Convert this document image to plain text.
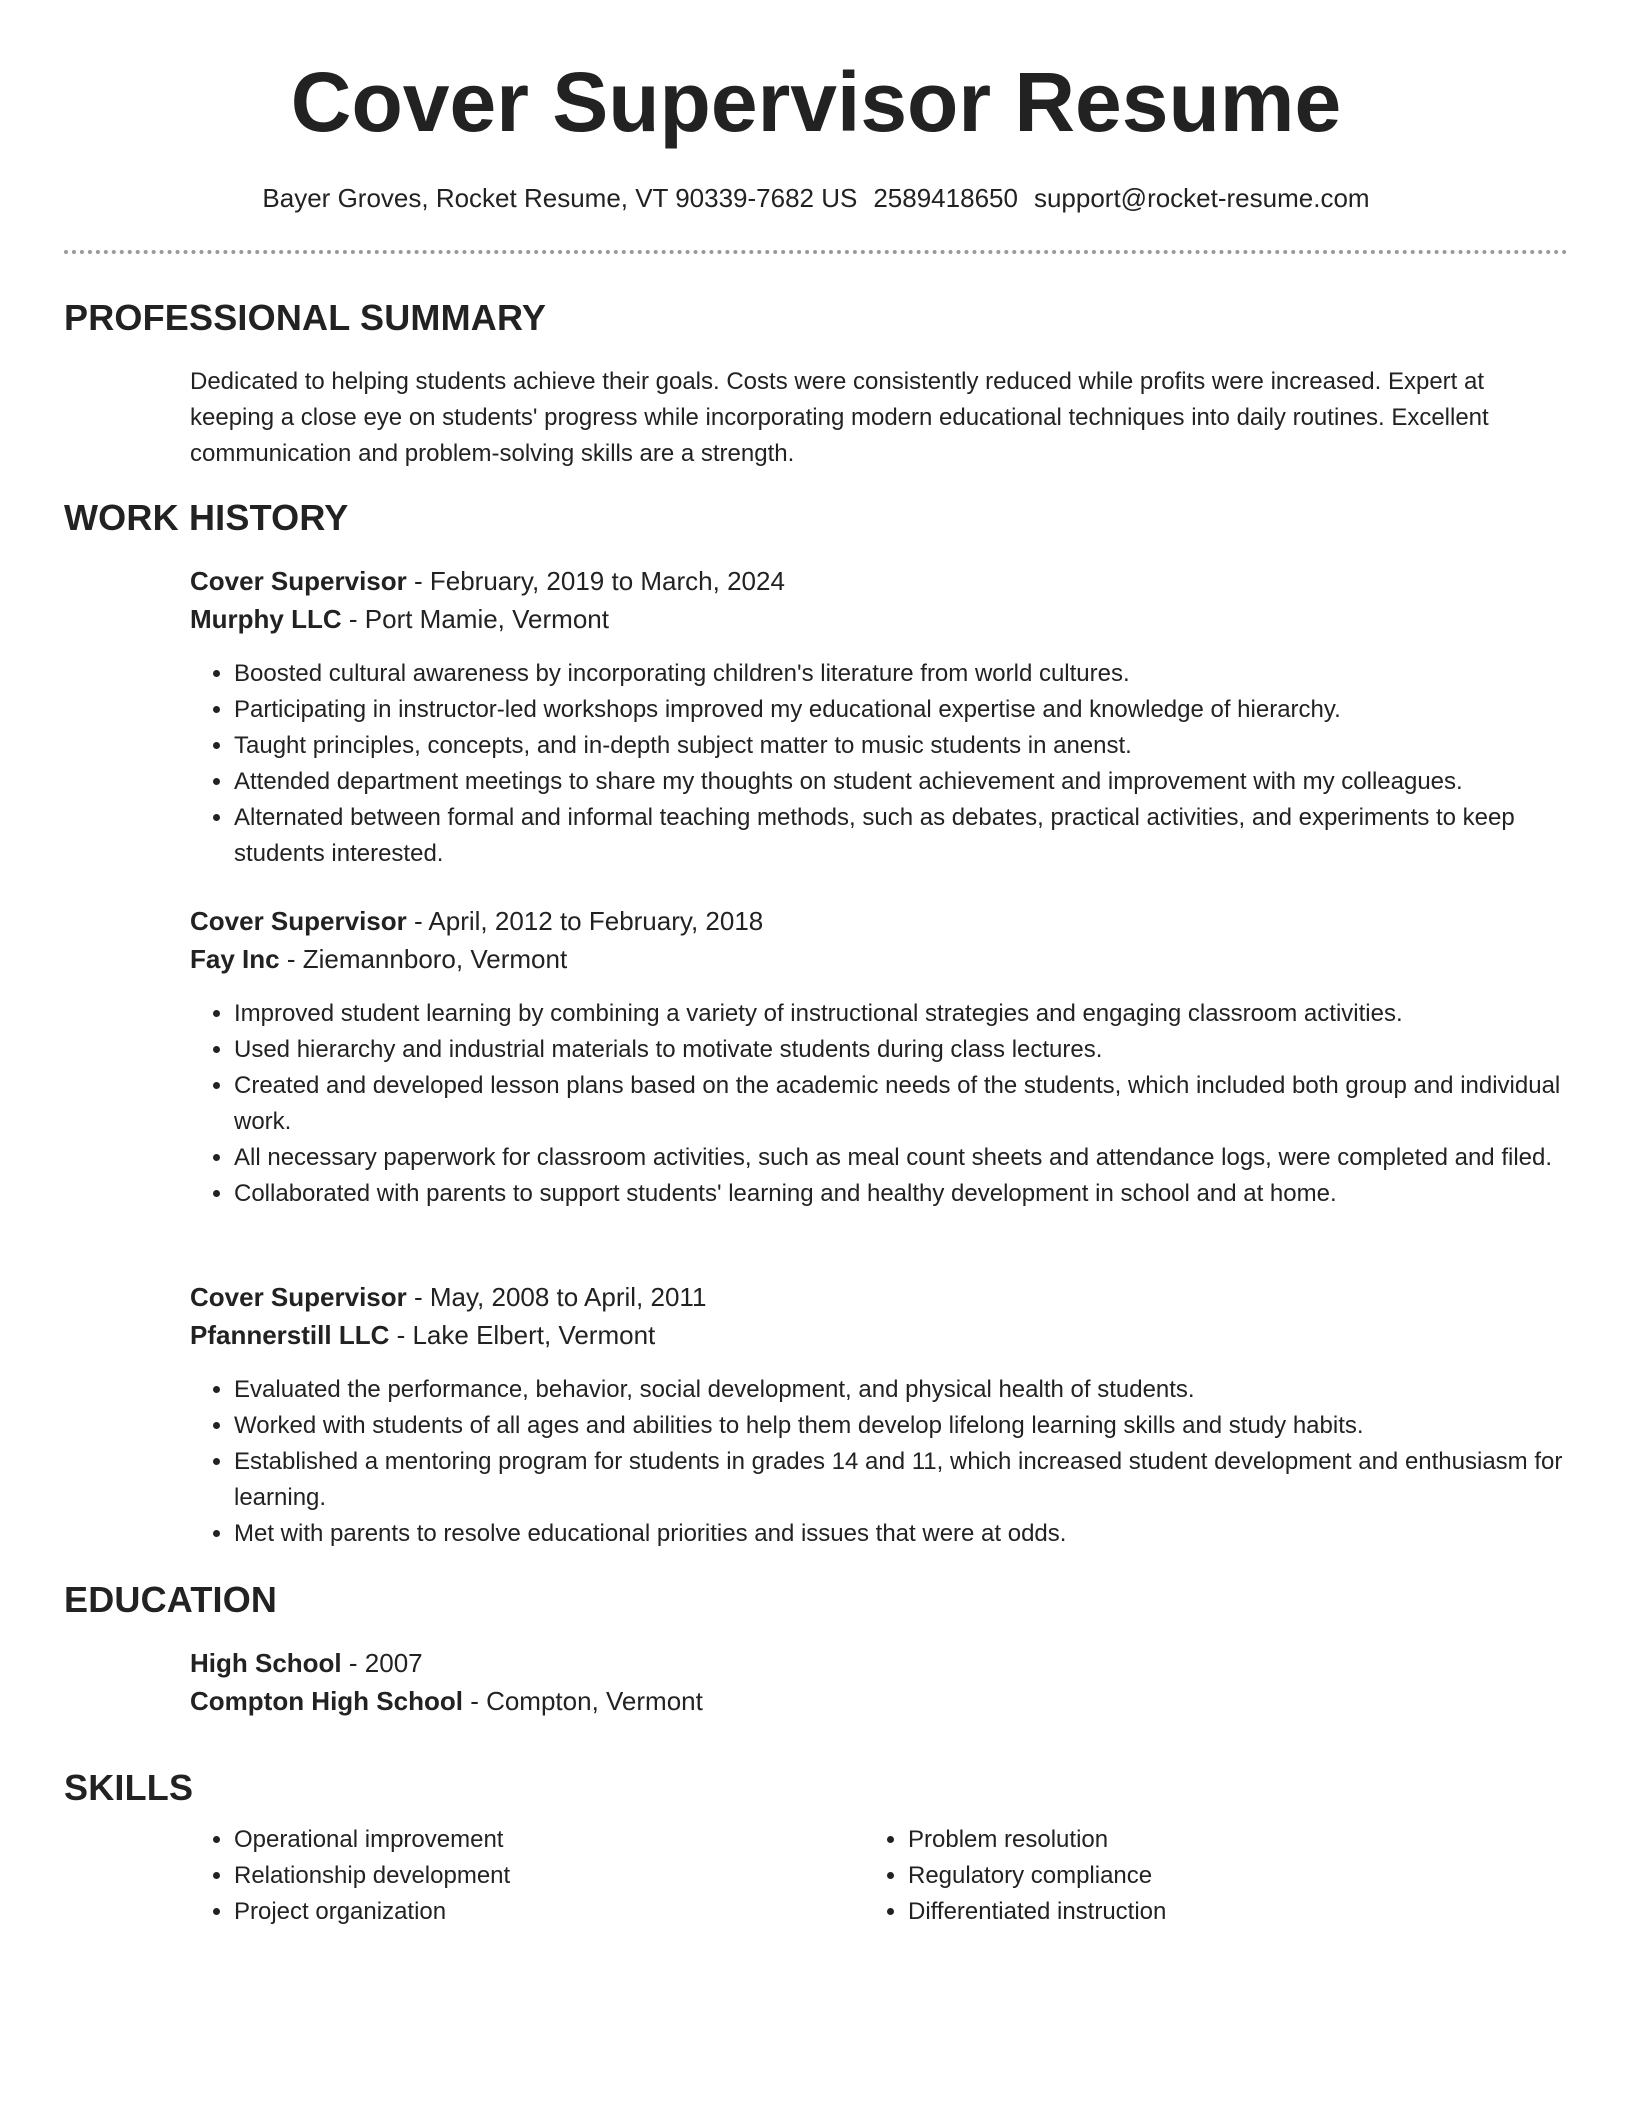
Cover Supervisor Resume
Bayer Groves, Rocket Resume, VT 90339-7682 US 2589418650 support@rocket-resume.com
PROFESSIONAL SUMMARY

Dedicated to helping students achieve their goals. Costs were consistently reduced while profits were increased. Expert at keeping a close eye on students' progress while incorporating modern educational techniques into daily routines. Excellent communication and problem-solving skills are a strength.

WORK HISTORY
Cover Supervisor - February, 2019 to March, 2024
Murphy LLC - Port Mamie, Vermont
• Boosted cultural awareness by incorporating children's literature from world cultures.
• Participating in instructor-led workshops improved my educational expertise and knowledge of hierarchy.
• Taught principles, concepts, and in-depth subject matter to music students in anenst.
• Attended department meetings to share my thoughts on student achievement and improvement with my colleagues.
• Alternated between formal and informal teaching methods, such as debates, practical activities, and experiments to keep students interested.
Cover Supervisor - April, 2012 to February, 2018
Fay Inc - Ziemannboro, Vermont
• Improved student learning by combining a variety of instructional strategies and engaging classroom activities.
• Used hierarchy and industrial materials to motivate students during class lectures.
• Created and developed lesson plans based on the academic needs of the students, which included both group and individual work.
• All necessary paperwork for classroom activities, such as meal count sheets and attendance logs, were completed and filed.
• Collaborated with parents to support students' learning and healthy development in school and at home.
Cover Supervisor - May, 2008 to April, 2011
Pfannerstill LLC - Lake Elbert, Vermont
• Evaluated the performance, behavior, social development, and physical health of students.
• Worked with students of all ages and abilities to help them develop lifelong learning skills and study habits.
• Established a mentoring program for students in grades 14 and 11, which increased student development and enthusiasm for learning.
• Met with parents to resolve educational priorities and issues that were at odds.
EDUCATION
High School - 2007
Compton High School - Compton, Vermont
SKILLS
• Operational improvement
• Relationship development
• Project organization
• Problem resolution
• Regulatory compliance
• Differentiated instruction
